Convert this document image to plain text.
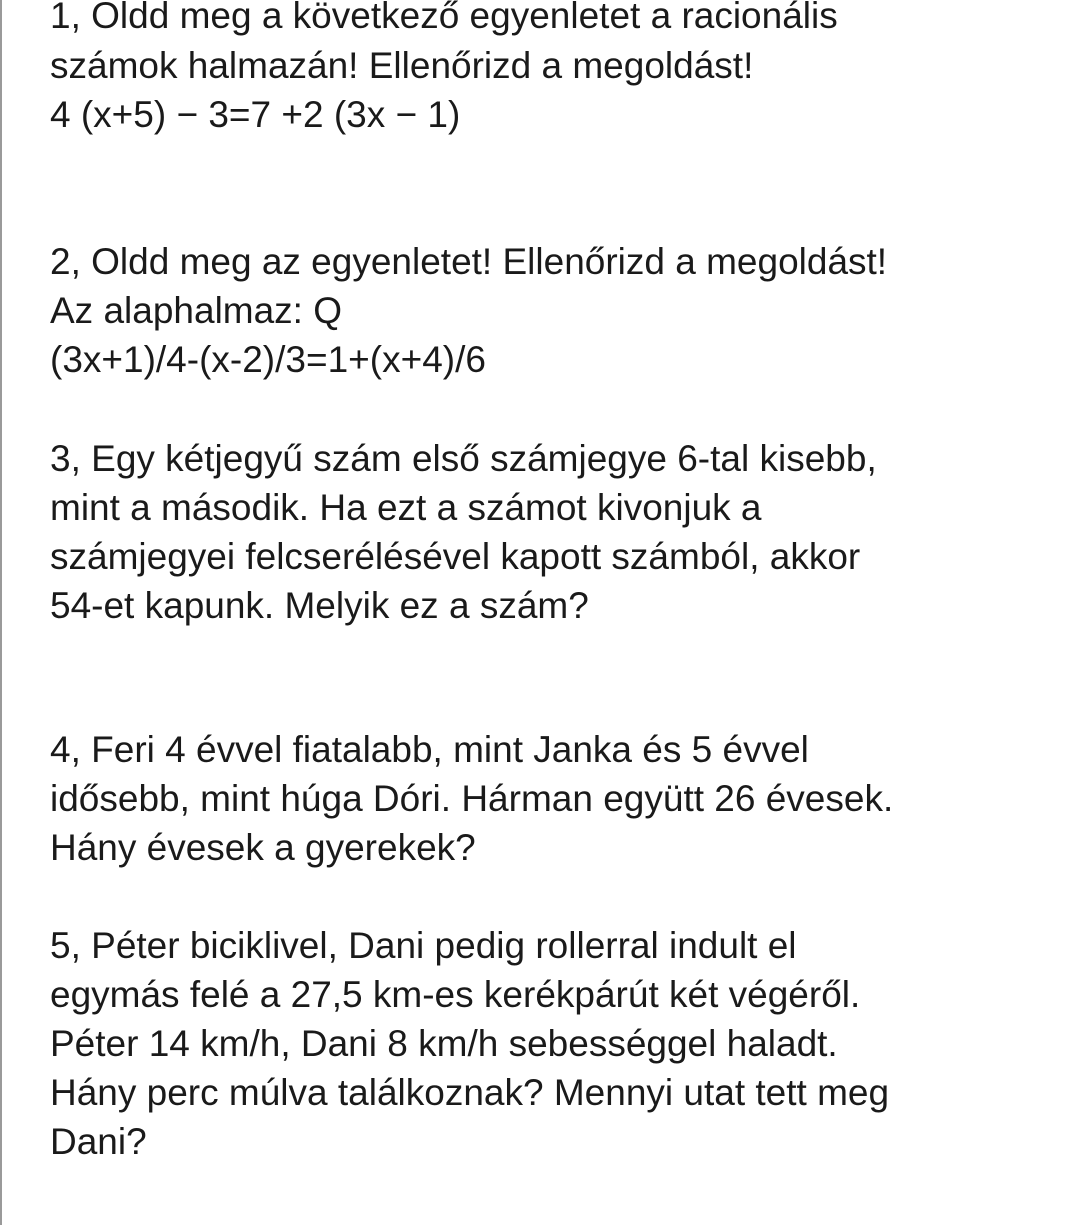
1, Oldd meg a következő egyenletet a racionális
számok halmazán! Ellenőrizd a megoldást!
4 (x+5) − 3=7 +2 (3x − 1)
2, Oldd meg az egyenletet! Ellenőrizd a megoldást!
Az alaphalmaz: Q
(3x+1)/4-(x-2)/3=1+(x+4)/6
3, Egy kétjegyű szám első számjegye 6-tal kisebb,
mint a második. Ha ezt a számot kivonjuk a
számjegyei felcserélésével kapott számból, akkor
54-et kapunk. Melyik ez a szám?
4, Feri 4 évvel fiatalabb, mint Janka és 5 évvel
idősebb, mint húga Dóri. Hárman együtt 26 évesek.
Hány évesek a gyerekek?
5, Péter biciklivel, Dani pedig rollerral indult el
egymás felé a 27,5 km-es kerékpárút két végéről.
Péter 14 km/h, Dani 8 km/h sebességgel haladt.
Hány perc múlva találkoznak? Mennyi utat tett meg
Dani?
